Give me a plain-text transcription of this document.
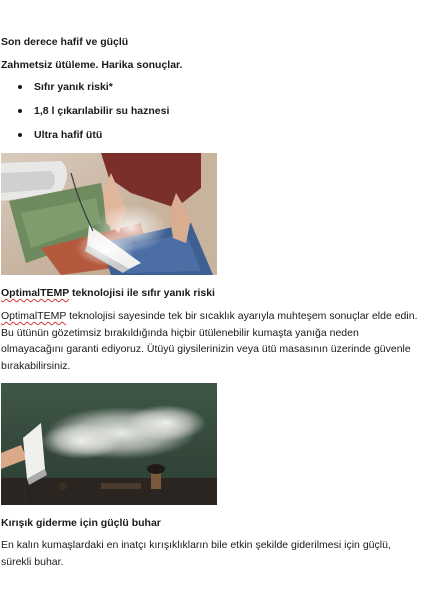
Son derece hafif ve güçlü
Zahmetsiz ütüleme. Harika sonuçlar.
Sıfır yanık riski*
1,8 l çıkarılabilir su haznesi
Ultra hafif ütü
OptimalTEMP teknolojisi ile sıfır yanık riski

OptimalTEMP teknolojisi sayesinde tek bir sıcaklık ayarıyla muhteşem sonuçlar elde edin. Bu ütünün gözetimsiz bırakıldığında hiçbir ütülenebilir kumaşta yanığa neden olmayacağını garanti ediyoruz. Ütüyü giysilerinizin veya ütü masasının üzerinde güvenle bırakabilirsiniz.

Kırışık giderme için güçlü buhar

En kalın kumaşlardaki en inatçı kırışıklıkların bile etkin şekilde giderilmesi için güçlü, sürekli buhar.
